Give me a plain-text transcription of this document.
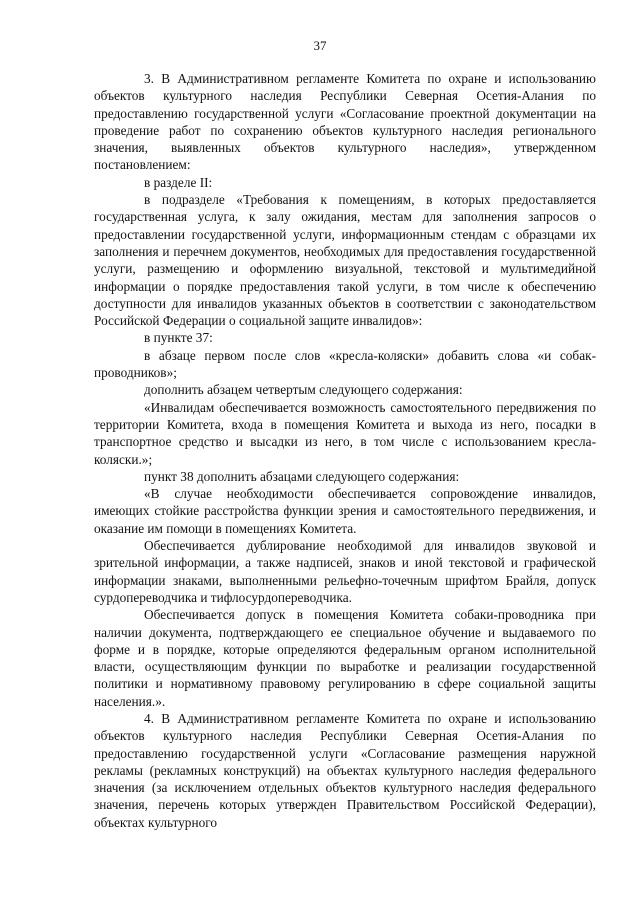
37

3. В Административном регламенте Комитета по охране и использованию объектов культурного наследия Республики Северная Осетия-Алания по предоставлению государственной услуги «Согласование проектной документации на проведение работ по сохранению объектов культурного наследия регионального значения, выявленных объектов культурного наследия», утвержденном постановлением:

в разделе II:

в подразделе «Требования к помещениям, в которых предоставляется государственная услуга, к залу ожидания, местам для заполнения запросов о предоставлении государственной услуги, информационным стендам с образцами их заполнения и перечнем документов, необходимых для предоставления государственной услуги, размещению и оформлению визуальной, текстовой и мультимедийной информации о порядке предоставления такой услуги, в том числе к обеспечению доступности для инвалидов указанных объектов в соответствии с законодательством Российской Федерации о социальной защите инвалидов»:

в пункте 37:

в абзаце первом после слов «кресла-коляски» добавить слова «и собак-проводников»;

дополнить абзацем четвертым следующего содержания:

«Инвалидам обеспечивается возможность самостоятельного передвижения по территории Комитета, входа в помещения Комитета и выхода из него, посадки в транспортное средство и высадки из него, в том числе с использованием кресла-коляски.»;

пункт 38 дополнить абзацами следующего содержания:

«В случае необходимости обеспечивается сопровождение инвалидов, имеющих стойкие расстройства функции зрения и самостоятельного передвижения, и оказание им помощи в помещениях Комитета.

Обеспечивается дублирование необходимой для инвалидов звуковой и зрительной информации, а также надписей, знаков и иной текстовой и графической информации знаками, выполненными рельефно-точечным шрифтом Брайля, допуск сурдопереводчика и тифлосурдопереводчика.

Обеспечивается допуск в помещения Комитета собаки-проводника при наличии документа, подтверждающего ее специальное обучение и выдаваемого по форме и в порядке, которые определяются федеральным органом исполнительной власти, осуществляющим функции по выработке и реализации государственной политики и нормативному правовому регулированию в сфере социальной защиты населения.».

4. В Административном регламенте Комитета по охране и использованию объектов культурного наследия Республики Северная Осетия-Алания по предоставлению государственной услуги «Согласование размещения наружной рекламы (рекламных конструкций) на объектах культурного наследия федерального значения (за исключением отдельных объектов культурного наследия федерального значения, перечень которых утвержден Правительством Российской Федерации), объектах культурного
